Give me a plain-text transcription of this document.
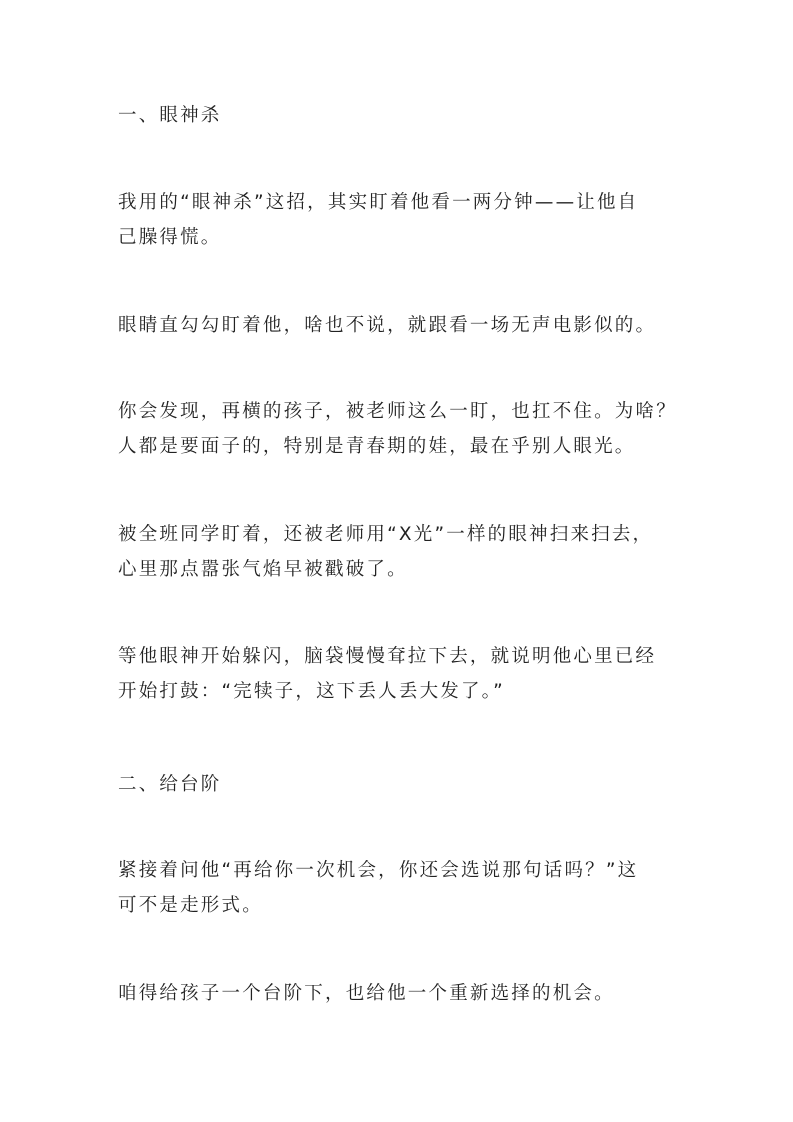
一、眼神杀
我用的“眼神杀”这招，其实盯着他看一两分钟——让他自
己臊得慌。
眼睛直勾勾盯着他，啥也不说，就跟看一场无声电影似的。
你会发现，再横的孩子，被老师这么一盯，也扛不住。为啥？
人都是要面子的，特别是青春期的娃，最在乎别人眼光。
被全班同学盯着，还被老师用“X光”一样的眼神扫来扫去，
心里那点嚣张气焰早被戳破了。
等他眼神开始躲闪，脑袋慢慢耷拉下去，就说明他心里已经
开始打鼓：“完犊子，这下丢人丢大发了。”
二、给台阶
紧接着问他“再给你一次机会，你还会选说那句话吗？”这
可不是走形式。
咱得给孩子一个台阶下，也给他一个重新选择的机会。
